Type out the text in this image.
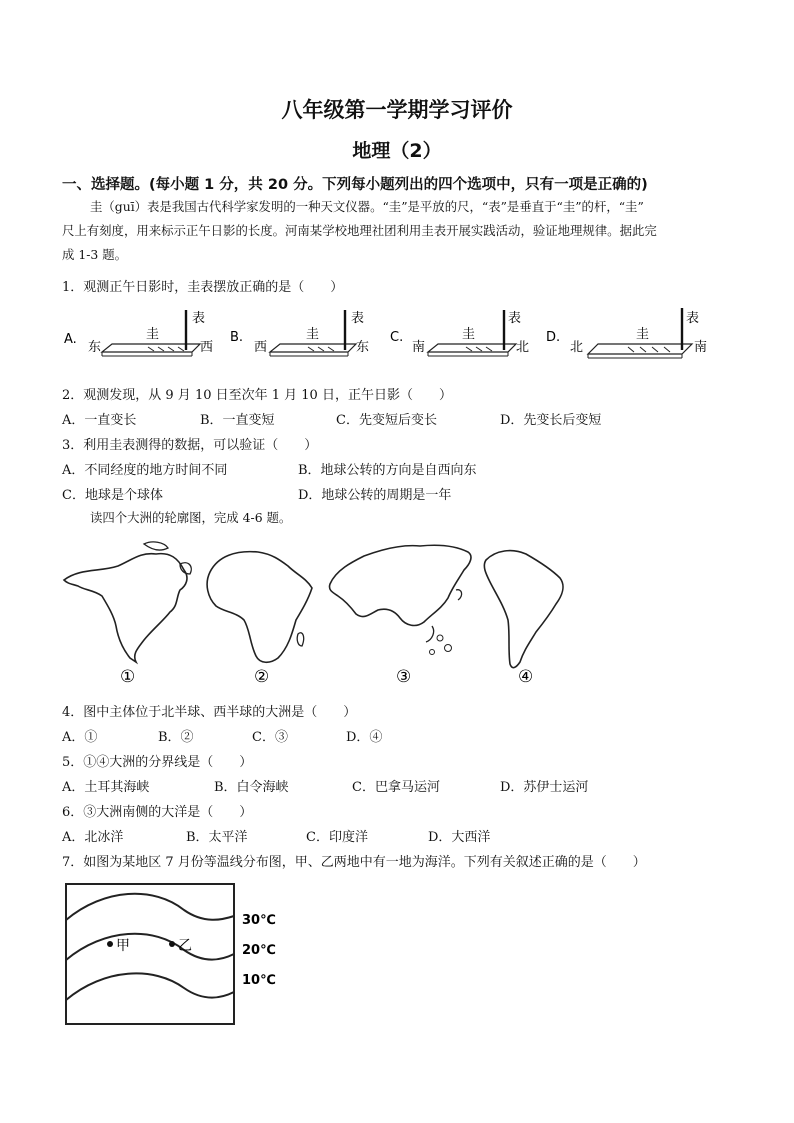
八年级第一学期学习评价
地理（2）
一、选择题。(每小题 1 分，共 20 分。下列每小题列出的四个选项中，只有一项是正确的)
圭（guī）表是我国古代科学家发明的一种天文仪器。“圭”是平放的尺，“表”是垂直于“圭”的杆，“圭”
尺上有刻度，用来标示正午日影的长度。河南某学校地理社团利用圭表开展实践活动，验证地理规律。据此完
成 1-3 题。
1．观测正午日影时，圭表摆放正确的是（　　）
A.
东
圭
表
西
B.
西
圭
表
东
C.
南
圭
表
北
D.
北
圭
表
南
2．观测发现，从 9 月 10 日至次年 1 月 10 日，正午日影（　　）
A．一直变长	B．一直变短	C．先变短后变长	D．先变长后变短
3．利用圭表测得的数据，可以验证（　　）
A．不同经度的地方时间不同	B．地球公转的方向是自西向东
C．地球是个球体	D．地球公转的周期是一年
读四个大洲的轮廓图，完成 4-6 题。
①	②	③	④
4．图中主体位于北半球、西半球的大洲是（　　）
A．①	B．②	C．③	D．④
5．①④大洲的分界线是（　　）
A．土耳其海峡	B．白令海峡	C．巴拿马运河	D．苏伊士运河
6．③大洲南侧的大洋是（　　）
A．北冰洋	B．太平洋	C．印度洋	D．大西洋
7．如图为某地区 7 月份等温线分布图，甲、乙两地中有一地为海洋。下列有关叙述正确的是（　　）
30℃
20℃
10℃
甲	乙
